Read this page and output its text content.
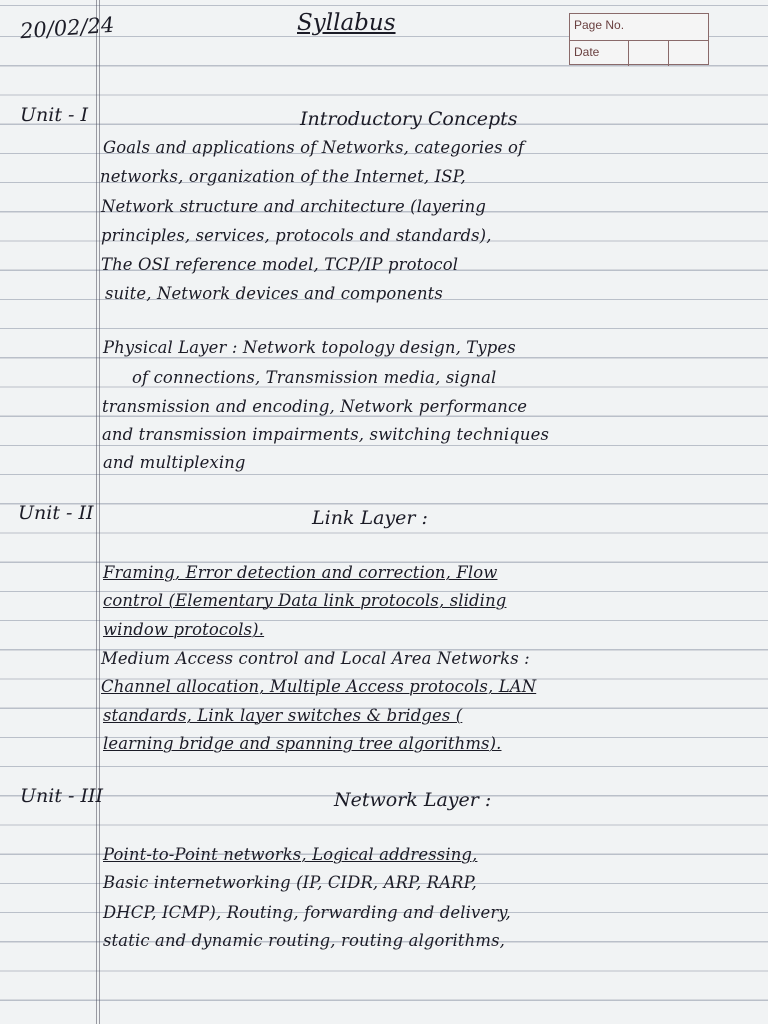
Page No.
Date
20/02/24	Syllabus
Unit - I	Introductory Concepts
Goals and applications of Networks, categories of
networks, organization of the Internet, ISP,
Network structure and architecture (layering
principles, services, protocols and standards),
The OSI reference model, TCP/IP protocol
suite, Network devices and components
Physical Layer : Network topology design, Types
of connections, Transmission media, signal
transmission and encoding, Network performance
and transmission impairments, switching techniques
and multiplexing
Unit - II	Link Layer :
Framing, Error detection and correction, Flow
control (Elementary Data link protocols, sliding
window protocols).
Medium Access control and Local Area Networks :
Channel allocation, Multiple Access protocols, LAN
standards, Link layer switches & bridges (
learning bridge and spanning tree algorithms).
Unit - III	Network Layer :
Point-to-Point networks, Logical addressing,
Basic internetworking (IP, CIDR, ARP, RARP,
DHCP, ICMP), Routing, forwarding and delivery,
static and dynamic routing, routing algorithms,
